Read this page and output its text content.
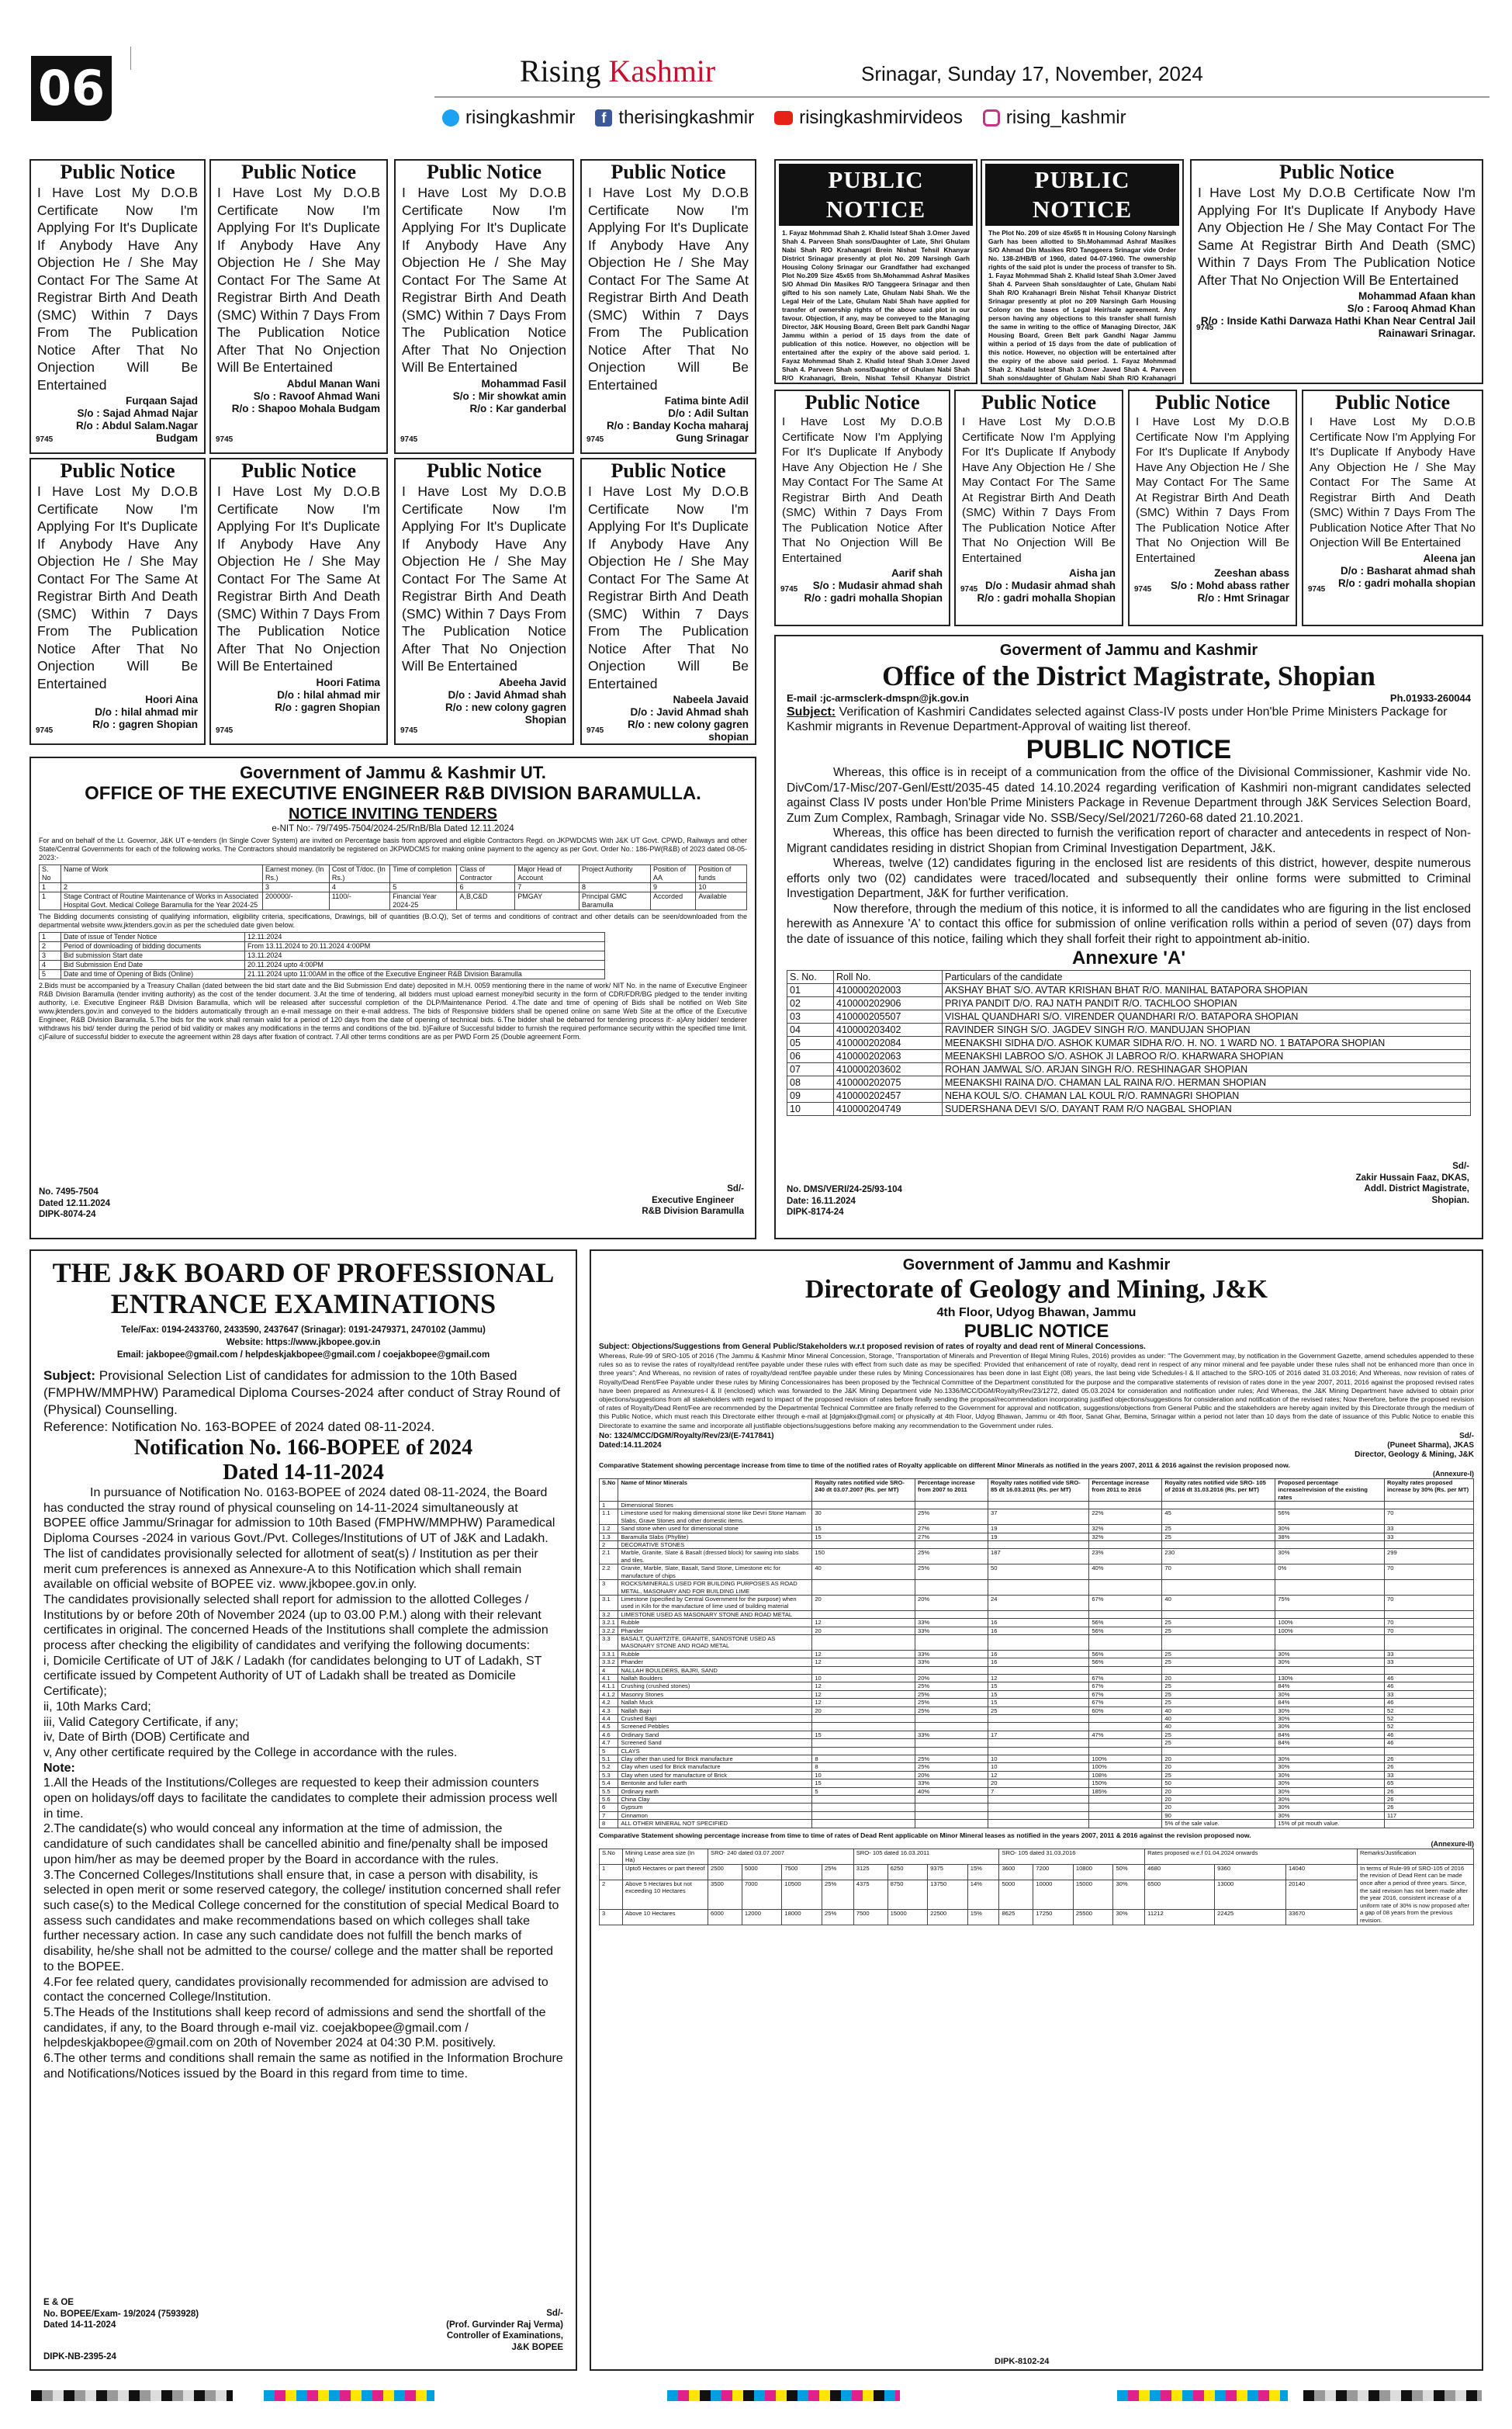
06	Rising Kashmir	Srinagar, Sunday 17, November, 2024
risingkashmir	f therisingkashmir risingkashmirvideos rising_kashmir
Public Notice
I Have Lost My D.O.B Certificate Now I'm Applying For It's Duplicate If Anybody Have Any Objection He / She May Contact For The Same At Registrar Birth And Death (SMC) Within 7 Days From The Publication Notice After That No Onjection Will Be Entertained
Furqaan Sajad
S/o : Sajad Ahmad Najar
R/o : Abdul Salam.Nagar Budgam
9745
Public Notice
I Have Lost My D.O.B Certificate Now I'm Applying For It's Duplicate If Anybody Have Any Objection He / She May Contact For The Same At Registrar Birth And Death (SMC) Within 7 Days From The Publication Notice After That No Onjection Will Be Entertained
Abdul Manan Wani
S/o : Ravoof Ahmad Wani
R/o : Shapoo Mohala Budgam
9745
Public Notice
I Have Lost My D.O.B Certificate Now I'm Applying For It's Duplicate If Anybody Have Any Objection He / She May Contact For The Same At Registrar Birth And Death (SMC) Within 7 Days From The Publication Notice After That No Onjection Will Be Entertained
Mohammad Fasil
S/o : Mir showkat amin
R/o : Kar ganderbal
9745
Public Notice
I Have Lost My D.O.B Certificate Now I'm Applying For It's Duplicate If Anybody Have Any Objection He / She May Contact For The Same At Registrar Birth And Death (SMC) Within 7 Days From The Publication Notice After That No Onjection Will Be Entertained
Fatima binte Adil
D/o : Adil Sultan
R/o : Banday Kocha maharaj Gung Srinagar
9745
Public Notice
I Have Lost My D.O.B Certificate Now I'm Applying For It's Duplicate If Anybody Have Any Objection He / She May Contact For The Same At Registrar Birth And Death (SMC) Within 7 Days From The Publication Notice After That No Onjection Will Be Entertained
Hoori Aina
D/o : hilal ahmad mir
R/o : gagren Shopian
9745
Public Notice
I Have Lost My D.O.B Certificate Now I'm Applying For It's Duplicate If Anybody Have Any Objection He / She May Contact For The Same At Registrar Birth And Death (SMC) Within 7 Days From The Publication Notice After That No Onjection Will Be Entertained
Hoori Fatima
D/o : hilal ahmad mir
R/o : gagren Shopian
9745
Public Notice
I Have Lost My D.O.B Certificate Now I'm Applying For It's Duplicate If Anybody Have Any Objection He / She May Contact For The Same At Registrar Birth And Death (SMC) Within 7 Days From The Publication Notice After That No Onjection Will Be Entertained
Abeeha Javid
D/o : Javid Ahmad shah
R/o : new colony gagren Shopian
9745
Public Notice
I Have Lost My D.O.B Certificate Now I'm Applying For It's Duplicate If Anybody Have Any Objection He / She May Contact For The Same At Registrar Birth And Death (SMC) Within 7 Days From The Publication Notice After That No Onjection Will Be Entertained
Nabeela Javaid
D/o : Javid Ahmad shah
R/o : new colony gagren shopian
9745
PUBLIC NOTICE
1. Fayaz Mohmmad Shah 2. Khalid Isteaf Shah 3.Omer Javed Shah 4. Parveen Shah sons/Daughter of Late, Shri Ghulam Nabi Shah R/O Krahanagri Brein Nishat Tehsil Khanyar District Srinagar presently at plot No. 209 Narsingh Garh Housing Colony Srinagar our Grandfather had exchanged Plot No.209 Size 45x65 from Sh.Mohammad Ashraf Masikes S/O Ahmad Din Masikes R/O Tanggeera Srinagar and then gifted to his son namely Late, Ghulam Nabi Shah. We the Legal Heir of the Late, Ghulam Nabi Shah have applied for transfer of ownership rights of the above said plot in our favour. Objection, if any, may be conveyed to the Managing Director, J&K Housing Board, Green Belt park Gandhi Nagar Jammu within a period of 15 days from the date of publication of this notice. However, no objection will be entertained after the expiry of the above said period. 1. Fayaz Mohmmad Shah 2. Khalid Isteaf Shah 3.Omer Javed Shah 4. Parveen Shah sons/Daughter of Ghulam Nabi Shah R/O Krahanagri, Brein, Nishat Tehsil Khanyar District
PUBLIC NOTICE
The Plot No. 209 of size 45x65 ft in Housing Colony Narsingh Garh has been allotted to Sh.Mohammad Ashraf Masikes S/O Ahmad Din Masikes R/O Tanggeera Srinagar vide Order No. 138-2/HB/B of 1960, dated 04-07-1960. The ownership rights of the said plot is under the process of transfer to Sh. 1. Fayaz Mohmmad Shah 2. Khalid Isteaf Shah 3.Omer Javed Shah 4. Parveen Shah sons/daughter of Late, Ghulam Nabi Shah R/O Krahanagri Brein Nishat Tehsil Khanyar District Srinagar presently at plot no 209 Narsingh Garh Housing Colony on the bases of Legal Heir/sale agreement. Any person having any objections to this transfer shall furnish the same in writing to the office of Managing Director, J&K Housing Board, Green Belt park Gandhi Nagar Jammu within a period of 15 days from the date of publication of this notice. However, no objection will be entertained after the expiry of the above said period. 1. Fayaz Mohmmad Shah 2. Khalid Isteaf Shah 3.Omer Javed Shah 4. Parveen Shah sons/daughter of Ghulam Nabi Shah R/O Krahanagri
Public Notice
I Have Lost My D.O.B Certificate Now I'm Applying For It's Duplicate If Anybody Have Any Objection He / She May Contact For The Same At Registrar Birth And Death (SMC) Within 7 Days From The Publication Notice After That No Onjection Will Be Entertained
Mohammad Afaan khan
S/o : Farooq Ahmad Khan
R/o : Inside Kathi Darwaza Hathi Khan Near Central Jail Rainawari Srinagar.
9745
Public Notice
I Have Lost My D.O.B Certificate Now I'm Applying For It's Duplicate If Anybody Have Any Objection He / She May Contact For The Same At Registrar Birth And Death (SMC) Within 7 Days From The Publication Notice After That No Onjection Will Be Entertained
Aarif shah
S/o : Mudasir ahmad shah
R/o : gadri mohalla Shopian
9745
Public Notice
I Have Lost My D.O.B Certificate Now I'm Applying For It's Duplicate If Anybody Have Any Objection He / She May Contact For The Same At Registrar Birth And Death (SMC) Within 7 Days From The Publication Notice After That No Onjection Will Be Entertained
Aisha jan
D/o : Mudasir ahmad shah
R/o : gadri mohalla Shopian
9745
Public Notice
I Have Lost My D.O.B Certificate Now I'm Applying For It's Duplicate If Anybody Have Any Objection He / She May Contact For The Same At Registrar Birth And Death (SMC) Within 7 Days From The Publication Notice After That No Onjection Will Be Entertained
Zeeshan abass
S/o : Mohd abass rather
R/o : Hmt Srinagar
9745
Public Notice
I Have Lost My D.O.B Certificate Now I'm Applying For It's Duplicate If Anybody Have Any Objection He / She May Contact For The Same At Registrar Birth And Death (SMC) Within 7 Days From The Publication Notice After That No Onjection Will Be Entertained
Aleena jan
D/o : Basharat ahmad shah
R/o : gadri mohalla shopian
9745
Government of Jammu & Kashmir UT.
OFFICE OF THE EXECUTIVE ENGINEER R&B DIVISION BARAMULLA.
NOTICE INVITING TENDERS
e-NIT No:- 79/7495-7504/2024-25/RnB/Bla Dated 12.11.2024
For and on behalf of the Lt. Governor, J&K UT e-tenders (In Single Cover System) are invited on Percentage basis from approved and eligible Contractors Regd. on JKPWDCMS With J&K UT Govt. CPWD, Railways and other State/Central Governments for each of the following works. The Contractors should mandatorily be registered on JKPWDCMS for making online payment to the agency as per Govt. Order No.: 186-PW(R&B) of 2023 dated 08-05-2023:-
S. No	Name of Work	Earnest money. (In Rs.)	Cost of T/doc. (In Rs.)	Time of completion	Class of Contractor	Major Head of Account	Project Authority	Position of AA	Position of funds
1	2	3	4	5	6	7	8	9	10
1	Stage Contract of Routine Maintenance of Works in Associated Hospital Govt. Medical College Baramulla for the Year 2024-25	200000/-	1100/-	Financial Year 2024-25	A,B,C&D	PMGAY	Principal GMC Baramulla	Accorded	Available
The Bidding documents consisting of qualifying information, eligibility criteria, specifications, Drawings, bill of quantities (B.O.Q), Set of terms and conditions of contract and other details can be seen/downloaded from the departmental website www.jktenders.gov.in as per the scheduled date given below.
1	Date of issue of Tender Notice	12.11.2024
2	Period of downloading of bidding documents	From 13.11.2024 to 20.11.2024 4:00PM
3	Bid submission Start date	13.11.2024
4	Bid Submission End Date	20.11.2024 upto 4:00PM
5	Date and time of Opening of Bids (Online)	21.11.2024 upto 11:00AM in the office of the Executive Engineer R&B Division Baramulla
2.Bids must be accompanied by a Treasury Challan (dated between the bid start date and the Bid Submission End date) deposited in M.H. 0059 mentioning there in the name of work/ NIT No. in the name of Executive Engineer R&B Division Baramulla (tender inviting authority) as the cost of the tender document. 3.At the time of tendering, all bidders must upload earnest money/bid security in the form of CDR/FDR/BG pledged to the tender inviting authority, i.e. Executive Engineer R&B Division Baramulla, which will be released after successful completion of the DLP/Maintenance Period. 4.The date and time of opening of Bids shall be notified on Web Site www.jktenders.gov.in and conveyed to the bidders automatically through an e-mail message on their e-mail address. The bids of Responsive bidders shall be opened online on same Web Site at the office of the Executive Engineer, R&B Division Baramulla. 5.The bids for the work shall remain valid for a period of 120 days from the date of opening of technical bids. 6.The bidder shall be debarred for tendering process if:- a)Any bidder/ tenderer withdraws his bid/ tender during the period of bid validity or makes any modifications in the terms and conditions of the bid. b)Failure of Successful bidder to furnish the required performance security within the specified time limit. c)Failure of successful bidder to execute the agreement within 28 days after fixation of contract. 7.All other terms conditions are as per PWD Form 25 (Double agreement Form.
No. 7495-7504
Dated 12.11.2024
DIPK-8074-24
Sd/-
Executive Engineer
R&B Division Baramulla
Goverment of Jammu and Kashmir
Office of the District Magistrate, Shopian
E-mail :jc-armsclerk-dmspn@jk.gov.in	Ph.01933-260044
Subject: Verification of Kashmiri Candidates selected against Class-IV posts under Hon'ble Prime Ministers Package for Kashmir migrants in Revenue Department-Approval of waiting list thereof.
PUBLIC NOTICE

Whereas, this office is in receipt of a communication from the office of the Divisional Commissioner, Kashmir vide No. DivCom/17-Misc/207-Genl/Estt/2035-45 dated 14.10.2024 regarding verification of Kashmiri non-migrant candidates selected against Class IV posts under Hon'ble Prime Ministers Package in Revenue Department through J&K Services Selection Board, Zum Zum Complex, Rambagh, Srinagar vide No. SSB/Secy/Sel/2021/7260-68 dated 21.10.2021.

Whereas, this office has been directed to furnish the verification report of character and antecedents in respect of Non-Migrant candidates residing in district Shopian from Criminal Investigation Department, J&K.

Whereas, twelve (12) candidates figuring in the enclosed list are residents of this district, however, despite numerous efforts only two (02) candidates were traced/located and subsequently their online forms were submitted to Criminal Investigation Department, J&K for further verification.

Now therefore, through the medium of this notice, it is informed to all the candidates who are figuring in the list enclosed herewith as Annexure 'A' to contact this office for submission of online verification rolls within a period of seven (07) days from the date of issuance of this notice, failing which they shall forfeit their right to appointment ab-initio.

Annexure 'A'
S. No.	Roll No.	Particulars of the candidate
01	410000202003	AKSHAY BHAT S/O. AVTAR KRISHAN BHAT R/O. MANIHAL BATAPORA SHOPIAN
02	410000202906	PRIYA PANDIT D/O. RAJ NATH PANDIT R/O. TACHLOO SHOPIAN
03	410000205507	VISHAL QUANDHARI S/O. VIRENDER QUANDHARI R/O. BATAPORA SHOPIAN
04	410000203402	RAVINDER SINGH S/O. JAGDEV SINGH R/O. MANDUJAN SHOPIAN
05	410000202084	MEENAKSHI SIDHA D/O. ASHOK KUMAR SIDHA R/O. H. NO. 1 WARD NO. 1 BATAPORA SHOPIAN
06	410000202063	MEENAKSHI LABROO S/O. ASHOK JI LABROO R/O. KHARWARA SHOPIAN
07	410000203602	ROHAN JAMWAL S/O. ARJAN SINGH R/O. RESHINAGAR SHOPIAN
08	410000202075	MEENAKSHI RAINA D/O. CHAMAN LAL RAINA R/O. HERMAN SHOPIAN
09	410000202457	NEHA KOUL S/O. CHAMAN LAL KOUL R/O. RAMNAGRI SHOPIAN
10	410000204749	SUDERSHANA DEVI S/O. DAYANT RAM R/O NAGBAL SHOPIAN
No. DMS/VERI/24-25/93-104
Date: 16.11.2024
DIPK-8174-24
Sd/-
Zakir Hussain Faaz, DKAS,
Addl. District Magistrate,
Shopian.
THE J&K BOARD OF PROFESSIONAL
ENTRANCE EXAMINATIONS
Tele/Fax: 0194-2433760, 2433590, 2437647 (Srinagar): 0191-2479371, 2470102 (Jammu)
Website: https://www.jkbopee.gov.in
Email: jakbopee@gmail.com / helpdeskjakbopee@gmail.com / coejakbopee@gmail.com
Subject: Provisional Selection List of candidates for admission to the 10th Based (FMPHW/MMPHW) Paramedical Diploma Courses-2024 after conduct of Stray Round of (Physical) Counselling.
Reference: Notification No. 163-BOPEE of 2024 dated 08-11-2024.
Notification No. 166-BOPEE of 2024
Dated 14-11-2024

In pursuance of Notification No. 0163-BOPEE of 2024 dated 08-11-2024, the Board has conducted the stray round of physical counseling on 14-11-2024 simultaneously at BOPEE office Jammu/Srinagar for admission to 10th Based (FMPHW/MMPHW) Paramedical Diploma Courses -2024 in various Govt./Pvt. Colleges/Institutions of UT of J&K and Ladakh. The list of candidates provisionally selected for allotment of seat(s) / Institution as per their merit cum preferences is annexed as Annexure-A to this Notification which shall remain available on official website of BOPEE viz. www.jkbopee.gov.in only.

The candidates provisionally selected shall report for admission to the allotted Colleges / Institutions by or before 20th of November 2024 (up to 03.00 P.M.) along with their relevant certificates in original. The concerned Heads of the Institutions shall complete the admission process after checking the eligibility of candidates and verifying the following documents:

i, Domicile Certificate of UT of J&K / Ladakh (for candidates belonging to UT of Ladakh, ST certificate issued by Competent Authority of UT of Ladakh shall be treated as Domicile Certificate);

ii, 10th Marks Card;

iii, Valid Category Certificate, if any;

iv, Date of Birth (DOB) Certificate and

v, Any other certificate required by the College in accordance with the rules.

Note:

1.All the Heads of the Institutions/Colleges are requested to keep their admission counters open on holidays/off days to facilitate the candidates to complete their admission process well in time.

2.The candidate(s) who would conceal any information at the time of admission, the candidature of such candidates shall be cancelled abinitio and fine/penalty shall be imposed upon him/her as may be deemed proper by the Board in accordance with the rules.

3.The Concerned Colleges/Institutions shall ensure that, in case a person with disability, is selected in open merit or some reserved category, the college/ institution concerned shall refer such case(s) to the Medical College concerned for the constitution of special Medical Board to assess such candidates and make recommendations based on which colleges shall take further necessary action. In case any such candidate does not fulfill the bench marks of disability, he/she shall not be admitted to the course/ college and the matter shall be reported to the BOPEE.

4.For fee related query, candidates provisionally recommended for admission are advised to contact the concerned College/Institution.

5.The Heads of the Institutions shall keep record of admissions and send the shortfall of the candidates, if any, to the Board through e-mail viz. coejakbopee@gmail.com / helpdeskjakbopee@gmail.com on 20th of November 2024 at 04:30 P.M. positively.

6.The other terms and conditions shall remain the same as notified in the Information Brochure and Notifications/Notices issued by the Board in this regard from time to time.

E & OE
No. BOPEE/Exam- 19/2024 (7593928)
Dated 14-11-2024
DIPK-NB-2395-24
Sd/-
(Prof. Gurvinder Raj Verma)
Controller of Examinations,
J&K BOPEE
Government of Jammu and Kashmir
Directorate of Geology and Mining, J&K
4th Floor, Udyog Bhawan, Jammu
PUBLIC NOTICE
Subject: Objections/Suggestions from General Public/Stakeholders w.r.t proposed revision of rates of royalty and dead rent of Mineral Concessions.
Whereas, Rule-99 of SRO-105 of 2016 (The Jammu & Kashmir Minor Mineral Concession, Storage, 'Transportation of Minerals and Prevention of Illegal Mining Rules, 2016) provides as under: "The Government may, by notification in the Government Gazette, amend schedules appended to these rules so as to revise the rates of royalty/dead rent/fee payable under these rules with effect from such date as may be specified: Provided that enhancement of rate of royalty, dead rent in respect of any minor mineral and fee payable under these rules shall not be enhanced more than once in three years"; And Whereas, no revision of rates of royalty/dead rent/fee payable under these rules by Mining Concessionaires has been done in last Eight (08) years, the last being vide Schedules-I & II attached to the SRO-105 of 2016 dated 31.03.2016; And Whereas, now revision of rates of Royalty/Dead Rent/Fee Payable under these rules by Mining Concessionaires has been proposed by the Technical Committee of the Department constituted for the purpose and the comparative statements of revision of rates done in the year 2007, 2011, 2016 against the proposed revised rates have been prepared as Annexures-I & II (enclosed) which was forwarded to the J&K Mining Department vide No.1336/MCC/DGM/Royalty/Rev/23/1272, dated 05.03.2024 for consideration and notification under rules; And Whereas, the J&K Mining Department have advised to obtain prior objections/suggestions from all stakeholders with regard to impact of the proposed revision of rates before finally sending the proposal/recommendation incorporating justified objections/suggestions for consideration and notification of the revised rates; Now therefore, before the proposed revision of rates of Royalty/Dead Rent/Fee are recommended by the Departmental Technical Committee are finally referred to the Government for approval and notification, suggestions/objections from General Public and the stakeholders are hereby again invited by this Directorate through the medium of this Public Notice, which must reach this Directorate either through e-mail at [dgmjakx@gmail.com] or physically at 4th Floor, Udyog Bhawan, Jammu or 4th floor, Sanat Ghar, Bemina, Srinagar within a period not later than 10 days from the date of issuance of this Public Notice to enable this Directorate to examine the same and incorporate all justifiable objections/suggestions before making any recommendation to the Government under rules.
No: 1324/MCC/DGM/Royalty/Rev/23/(E-7417841)
Dated:14.11.2024
Sd/-
(Puneet Sharma), JKAS
Director, Geology & Mining, J&K
Comparative Statement showing percentage increase from time to time of the notified rates of Royalty applicable on different Minor Minerals as notified in the years 2007, 2011 & 2016 against the revision proposed now.
(Annexure-I)
S.No	Name of Minor Minerals	Royalty rates notified vide SRO- 240 dt 03.07.2007 (Rs. per MT)	Percentage increase from 2007 to 2011	Royalty rates notified vide SRO- 85 dt 16.03.2011 (Rs. per MT)	Percentage increase from 2011 to 2016	Royalty rates notified vide SRO- 105 of 2016 dt 31.03.2016 (Rs. per MT)	Proposed percentage increase/revision of the existing rates	Royalty rates proposed increase by 30% (Rs. per MT)
1	Dimensional Stones							
1.1	Limestone used for making dimensional stone like Devri Stone Hamam Slabs, Grave Stones and other domestic items.	30	25%	37	22%	45	56%	70
1.2	Sand stone when used for dimensional stone	15	27%	19	32%	25	30%	33
1.3	Baramulla Slabs (Phyllite)	15	27%	19	32%	25	38%	33
2	DECORATIVE STONES							
2.1	Marble, Granite, Slate & Basalt (dressed block) for sawing into slabs and tiles.	150	25%	187	23%	230	30%	299
2.2	Granite, Marble, Slate, Basalt, Sand Stone, Limestone etc for manufacture of chips	40	25%	50	40%	70	0%	70
3	ROCKS/MINERALS USED FOR BUILDING PURPOSES AS ROAD METAL, MASONARY AND FOR BUILDING LIME							
3.1	Limestone (specified by Central Government for the purpose) when used in Kiln for the manufacture of lime used of building material	20	20%	24	67%	40	75%	70
3.2	LIMESTONE USED AS MASONARY STONE AND ROAD METAL							
3.2.1	Rubble	12	33%	16	56%	25	100%	70
3.2.2	Phander	20	33%	16	56%	25	100%	70
3.3	BASALT, QUARTZITE, GRANITE, SANDSTONE USED AS MASONARY STONE AND ROAD METAL							
3.3.1	Rubble	12	33%	16	56%	25	30%	33
3.3.2	Phander	12	33%	16	56%	25	30%	33
4	NALLAH BOULDERS, BAJRI, SAND							
4.1	Nallah Boulders	10	20%	12	67%	20	130%	46
4.1.1	Crushing (crushed stones)	12	25%	15	67%	25	84%	46
4.1.2	Masonry Stones	12	25%	15	67%	25	30%	33
4.2	Nallah Muck	12	25%	15	67%	25	84%	46
4.3	Nallah Bajri	20	25%	25	60%	40	30%	52
4.4	Crushed Bajri					40	30%	52
4.5	Screened Pebbles					40	30%	52
4.6	Ordinary Sand	15	33%	17	47%	25	84%	46
4.7	Screened Sand					25	84%	46
5	CLAYS							
5.1	Clay other than used for Brick manufacture	8	25%	10	100%	20	30%	26
5.2	Clay when used for Brick manufacture	8	25%	10	100%	20	30%	26
5.3	Clay when used for manufacture of Brick	10	20%	12	108%	25	30%	33
5.4	Bentonite and fuller earth	15	33%	20	150%	50	30%	65
5.5	Ordinary earth	5	40%	7	185%	20	30%	26
5.6	China Clay					20	30%	26
6	Gypsum					20	30%	26
7	Cinnamon					90	30%	117
8	ALL OTHER MINERAL NOT SPECIFIED					5% of the sale value.	15% of pit mouth value.	
Comparative Statement showing percentage increase from time to time of rates of Dead Rent applicable on Minor Mineral leases as notified in the years 2007, 2011 & 2016 against the revision proposed now.
(Annexure-II)
S.No	Mining Lease area size (In Ha)	SRO- 240 dated 03.07.2007				SRO- 105 dated 16.03.2011				SRO- 105 dated 31.03.2016				Rates proposed w.e.f 01.04.2024 onwards			Remarks/Justification
1	Upto5 Hectares or part thereof	2500	5000	7500	25%	3125	6250	9375	15%	3600	7200	10800	50%	4680	9360	14040	In terms of Rule-99 of SRO-105 of 2016 the revision of Dead Rent can be made once after a period of three years. Since, the said revision has not been made after the year 2016, consistent increase of a uniform rate of 30% is now proposed after a gap of 08 years from the previous revision.
2	Above 5 Hectares but not exceeding 10 Hectares	3500	7000	10500	25%	4375	8750	13750	14%	5000	10000	15000	30%	6500	13000	20140	
3	Above 10 Hectares	6000	12000	18000	25%	7500	15000	22500	15%	8625	17250	25500	30%	11212	22425	33670	
DIPK-8102-24
